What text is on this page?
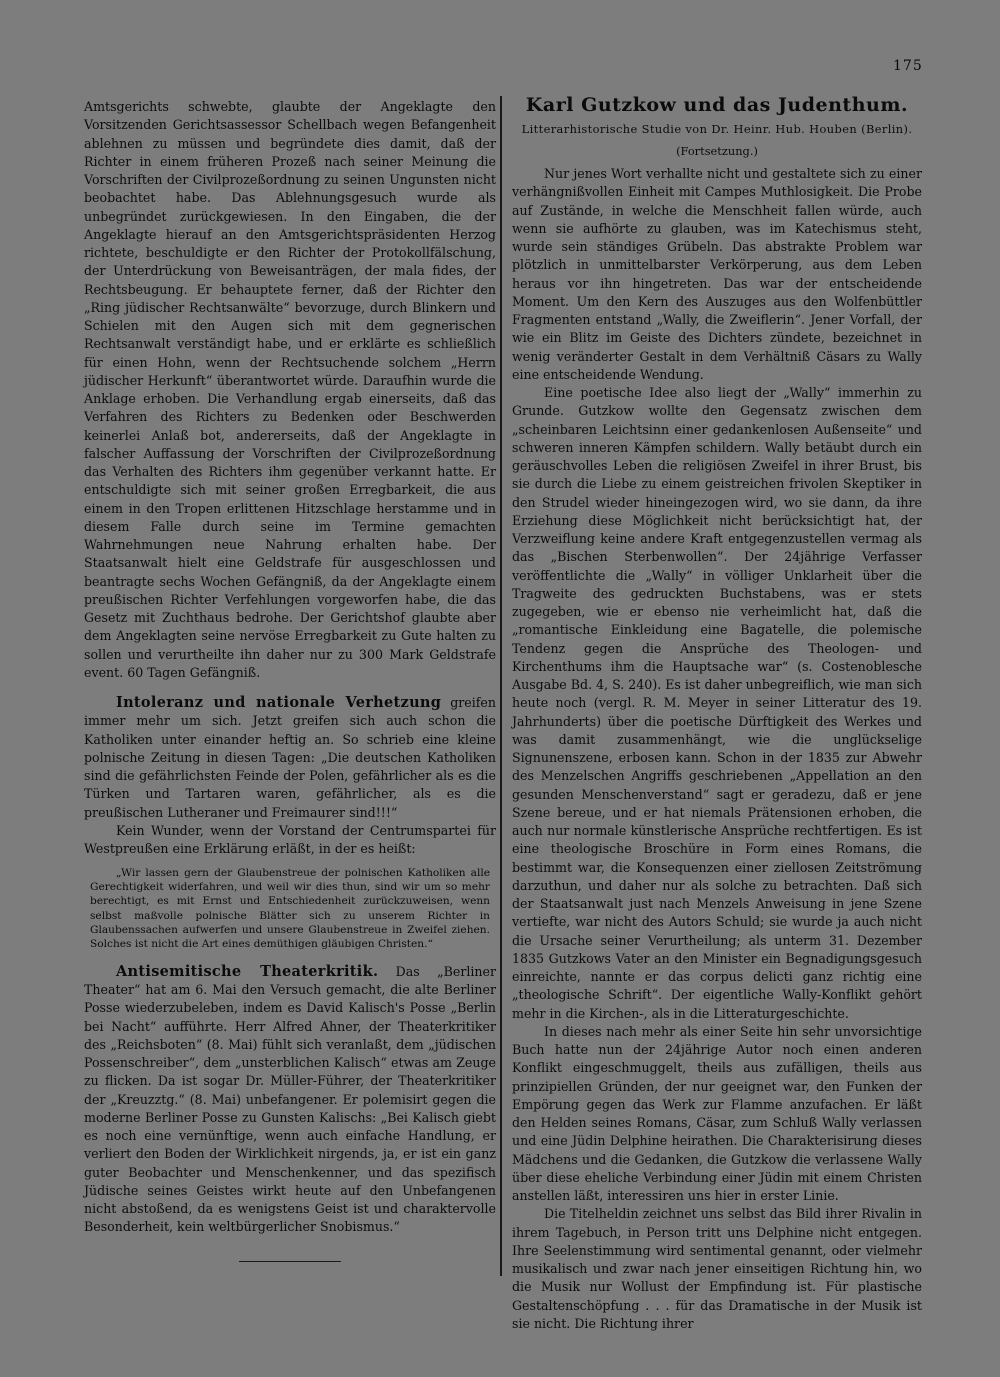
175

Amtsgerichts schwebte, glaubte der Angeklagte den Vorsitzenden Gerichtsassessor Schellbach wegen Befangenheit ablehnen zu müssen und begründete dies damit, daß der Richter in einem früheren Prozeß nach seiner Meinung die Vorschriften der Civilprozeßordnung zu seinen Ungunsten nicht beobachtet habe. Das Ablehnungsgesuch wurde als unbegründet zurückgewiesen. In den Eingaben, die der Angeklagte hierauf an den Amtsgerichtspräsidenten Herzog richtete, beschuldigte er den Richter der Protokollfälschung, der Unterdrückung von Beweisanträgen, der mala fides, der Rechtsbeugung. Er behauptete ferner, daß der Richter den „Ring jüdischer Rechtsanwälte“ bevorzuge, durch Blinkern und Schielen mit den Augen sich mit dem gegnerischen Rechtsanwalt verständigt habe, und er erklärte es schließlich für einen Hohn, wenn der Rechtsuchende solchem „Herrn jüdischer Herkunft“ überantwortet würde. Daraufhin wurde die Anklage erhoben. Die Verhandlung ergab einerseits, daß das Verfahren des Richters zu Bedenken oder Beschwerden keinerlei Anlaß bot, andererseits, daß der Angeklagte in falscher Auffassung der Vorschriften der Civilprozeßordnung das Verhalten des Richters ihm gegenüber verkannt hatte. Er entschuldigte sich mit seiner großen Erregbarkeit, die aus einem in den Tropen erlittenen Hitzschlage herstamme und in diesem Falle durch seine im Termine gemachten Wahrnehmungen neue Nahrung erhalten habe. Der Staatsanwalt hielt eine Geldstrafe für ausgeschlossen und beantragte sechs Wochen Gefängniß, da der Angeklagte einem preußischen Richter Verfehlungen vorgeworfen habe, die das Gesetz mit Zuchthaus bedrohe. Der Gerichtshof glaubte aber dem Angeklagten seine nervöse Erregbarkeit zu Gute halten zu sollen und verurtheilte ihn daher nur zu 300 Mark Geldstrafe event. 60 Tagen Gefängniß.

Intoleranz und nationale Verhetzung greifen immer mehr um sich. Jetzt greifen sich auch schon die Katholiken unter einander heftig an. So schrieb eine kleine polnische Zeitung in diesen Tagen: „Die deutschen Katholiken sind die gefährlichsten Feinde der Polen, gefährlicher als es die Türken und Tartaren waren, gefährlicher, als es die preußischen Lutheraner und Freimaurer sind!!!“

Kein Wunder, wenn der Vorstand der Centrumspartei für Westpreußen eine Erklärung erläßt, in der es heißt:

„Wir lassen gern der Glaubenstreue der polnischen Katholiken alle Gerechtigkeit widerfahren, und weil wir dies thun, sind wir um so mehr berechtigt, es mit Ernst und Entschiedenheit zurückzuweisen, wenn selbst maßvolle polnische Blätter sich zu unserem Richter in Glaubenssachen aufwerfen und unsere Glaubenstreue in Zweifel ziehen. Solches ist nicht die Art eines demüthigen gläubigen Christen.“

Antisemitische Theaterkritik. Das „Berliner Theater“ hat am 6. Mai den Versuch gemacht, die alte Berliner Posse wiederzubeleben, indem es David Kalisch's Posse „Berlin bei Nacht“ aufführte. Herr Alfred Ahner, der Theaterkritiker des „Reichsboten“ (8. Mai) fühlt sich veranlaßt, dem „jüdischen Possenschreiber“, dem „unsterblichen Kalisch“ etwas am Zeuge zu flicken. Da ist sogar Dr. Müller-Führer, der Theaterkritiker der „Kreuzztg.“ (8. Mai) unbefangener. Er polemisirt gegen die moderne Berliner Posse zu Gunsten Kalischs: „Bei Kalisch giebt es noch eine vernünftige, wenn auch einfache Handlung, er verliert den Boden der Wirklichkeit nirgends, ja, er ist ein ganz guter Beobachter und Menschenkenner, und das spezifisch Jüdische seines Geistes wirkt heute auf den Unbefangenen nicht abstoßend, da es wenigstens Geist ist und charaktervolle Besonderheit, kein weltbürgerlicher Snobismus.“

Karl Gutzkow und das Judenthum.
Litterarhistorische Studie von Dr. Heinr. Hub. Houben (Berlin).
(Fortsetzung.)

Nur jenes Wort verhallte nicht und gestaltete sich zu einer verhängnißvollen Einheit mit Campes Muthlosigkeit. Die Probe auf Zustände, in welche die Menschheit fallen würde, auch wenn sie aufhörte zu glauben, was im Katechismus steht, wurde sein ständiges Grübeln. Das abstrakte Problem war plötzlich in unmittelbarster Verkörperung, aus dem Leben heraus vor ihn hingetreten. Das war der entscheidende Moment. Um den Kern des Auszuges aus den Wolfenbüttler Fragmenten entstand „Wally, die Zweiflerin“. Jener Vorfall, der wie ein Blitz im Geiste des Dichters zündete, bezeichnet in wenig veränderter Gestalt in dem Verhältniß Cäsars zu Wally eine entscheidende Wendung.

Eine poetische Idee also liegt der „Wally“ immerhin zu Grunde. Gutzkow wollte den Gegensatz zwischen dem „scheinbaren Leichtsinn einer gedankenlosen Außenseite“ und schweren inneren Kämpfen schildern. Wally betäubt durch ein geräuschvolles Leben die religiösen Zweifel in ihrer Brust, bis sie durch die Liebe zu einem geistreichen frivolen Skeptiker in den Strudel wieder hineingezogen wird, wo sie dann, da ihre Erziehung diese Möglichkeit nicht berücksichtigt hat, der Verzweiflung keine andere Kraft entgegenzustellen vermag als das „Bischen Sterbenwollen“. Der 24jährige Verfasser veröffentlichte die „Wally“ in völliger Unklarheit über die Tragweite des gedruckten Buchstabens, was er stets zugegeben, wie er ebenso nie verheimlicht hat, daß die „romantische Einkleidung eine Bagatelle, die polemische Tendenz gegen die Ansprüche des Theologen- und Kirchenthums ihm die Hauptsache war“ (s. Costenoblesche Ausgabe Bd. 4, S. 240). Es ist daher unbegreiflich, wie man sich heute noch (vergl. R. M. Meyer in seiner Litteratur des 19. Jahrhunderts) über die poetische Dürftigkeit des Werkes und was damit zusammenhängt, wie die unglückselige Signunenszene, erbosen kann. Schon in der 1835 zur Abwehr des Menzelschen Angriffs geschriebenen „Appellation an den gesunden Menschenverstand“ sagt er geradezu, daß er jene Szene bereue, und er hat niemals Prätensionen erhoben, die auch nur normale künstlerische Ansprüche rechtfertigen. Es ist eine theologische Broschüre in Form eines Romans, die bestimmt war, die Konsequenzen einer ziellosen Zeitströmung darzuthun, und daher nur als solche zu betrachten. Daß sich der Staatsanwalt just nach Menzels Anweisung in jene Szene vertiefte, war nicht des Autors Schuld; sie wurde ja auch nicht die Ursache seiner Verurtheilung; als unterm 31. Dezember 1835 Gutzkows Vater an den Minister ein Begnadigungsgesuch einreichte, nannte er das corpus delicti ganz richtig eine „theologische Schrift“. Der eigentliche Wally-Konflikt gehört mehr in die Kirchen-, als in die Litteraturgeschichte.

In dieses nach mehr als einer Seite hin sehr unvorsichtige Buch hatte nun der 24jährige Autor noch einen anderen Konflikt eingeschmuggelt, theils aus zufälligen, theils aus prinzipiellen Gründen, der nur geeignet war, den Funken der Empörung gegen das Werk zur Flamme anzufachen. Er läßt den Helden seines Romans, Cäsar, zum Schluß Wally verlassen und eine Jüdin Delphine heirathen. Die Charakterisirung dieses Mädchens und die Gedanken, die Gutzkow die verlassene Wally über diese eheliche Verbindung einer Jüdin mit einem Christen anstellen läßt, interessiren uns hier in erster Linie.

Die Titelheldin zeichnet uns selbst das Bild ihrer Rivalin in ihrem Tagebuch, in Person tritt uns Delphine nicht entgegen. Ihre Seelenstimmung wird sentimental genannt, oder vielmehr musikalisch und zwar nach jener einseitigen Richtung hin, wo die Musik nur Wollust der Empfindung ist. Für plastische Gestaltenschöpfung . . . für das Dramatische in der Musik ist sie nicht. Die Richtung ihrer
